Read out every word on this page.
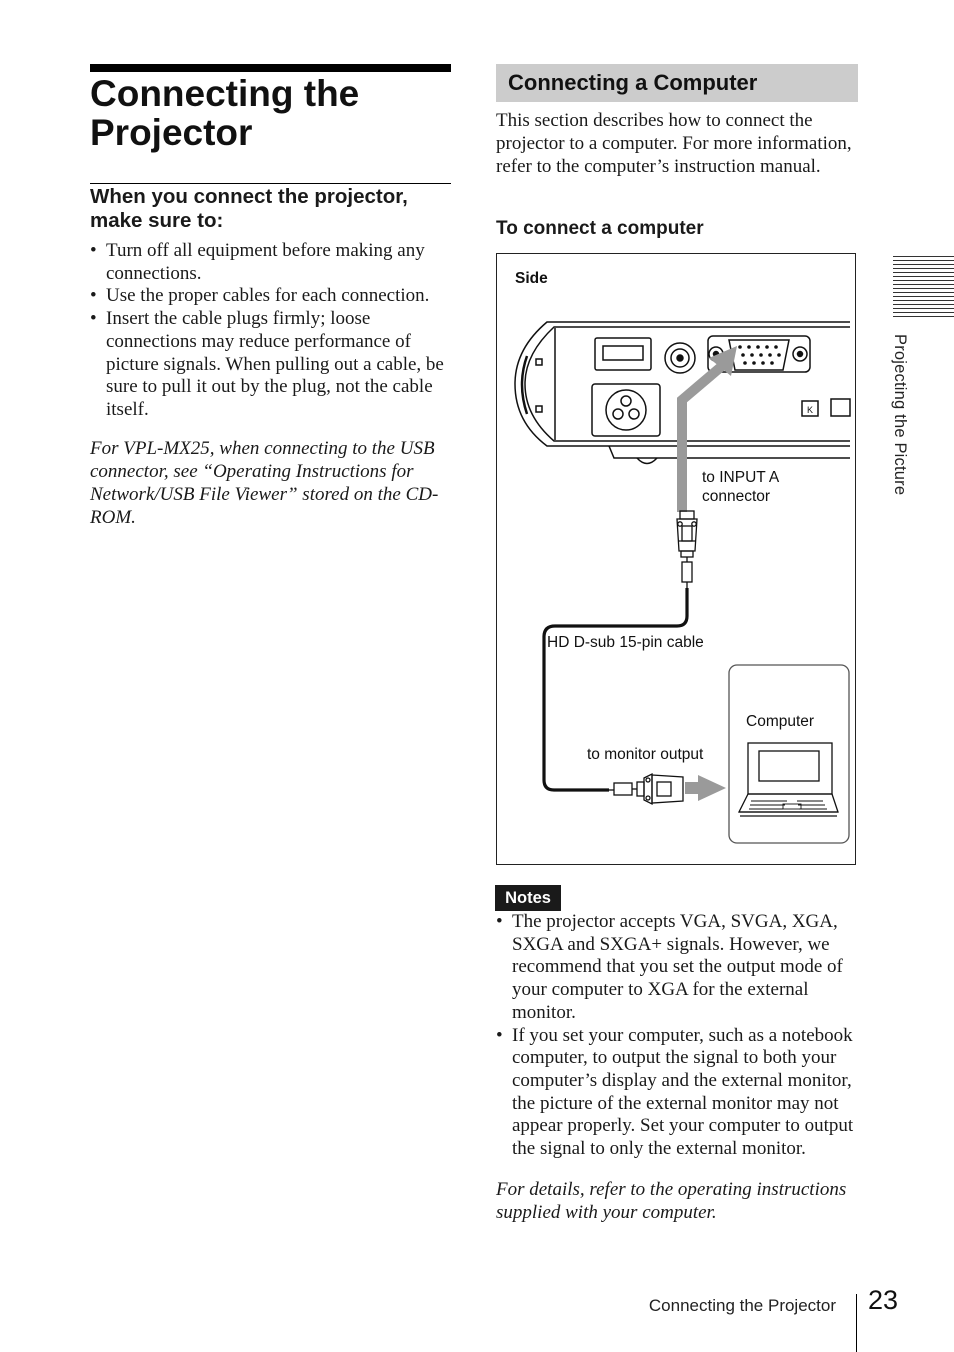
Connecting the Projector
When you connect the projector, make sure to:
• Turn off all equipment before making any connections.
• Use the proper cables for each connection.
• Insert the cable plugs firmly; loose connections may reduce performance of picture signals. When pulling out a cable, be sure to pull it out by the plug, not the cable itself.

For VPL-MX25, when connecting to the USB connector, see “Operating Instructions for Network/USB File Viewer” stored on the CD-ROM.

Connecting a Computer

This section describes how to connect the projector to a computer. For more information, refer to the computer’s instruction manual.

To connect a computer
K
Side
to INPUT A connector
HD D-sub 15-pin cable
Computer
to monitor output
Notes
• The projector accepts VGA, SVGA, XGA, SXGA and SXGA+ signals. However, we recommend that you set the output mode of your computer to XGA for the external monitor.
• If you set your computer, such as a notebook computer, to output the signal to both your computer’s display and the external monitor, the picture of the external monitor may not appear properly. Set your computer to output the signal to only the external monitor.

For details, refer to the operating instructions supplied with your computer.

Projecting the Picture
Connecting the Projector 23
